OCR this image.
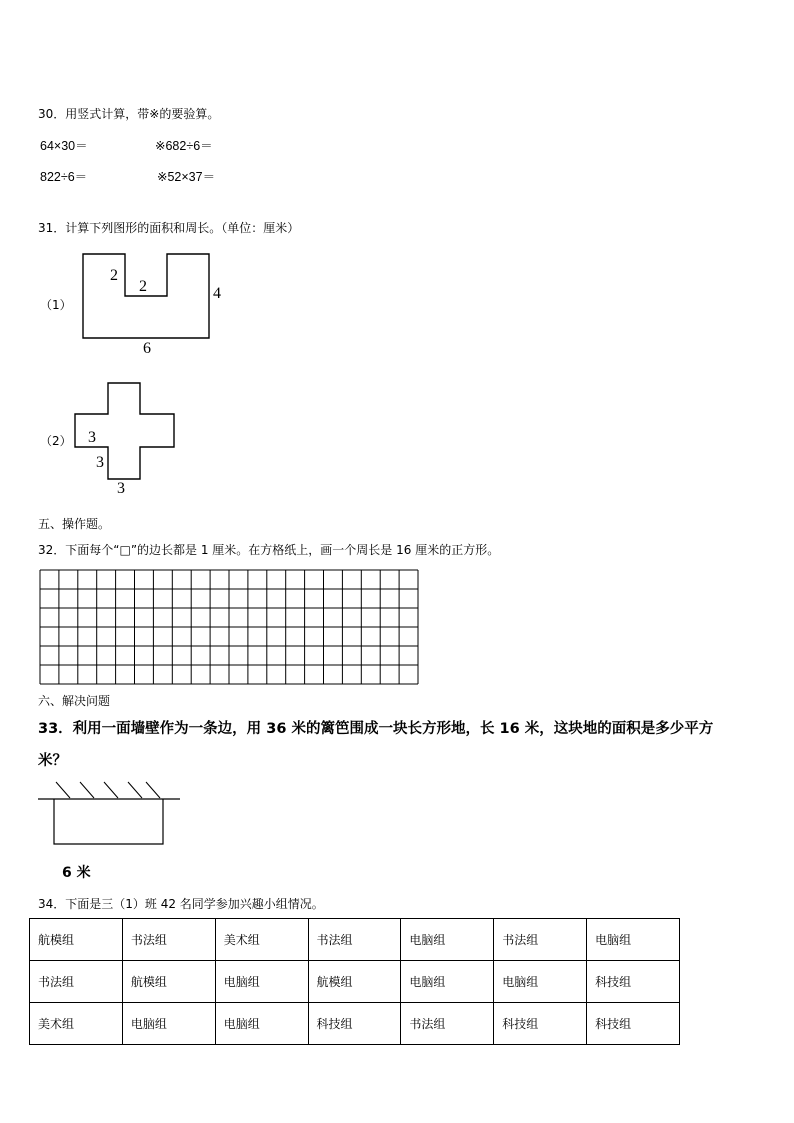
30．用竖式计算，带※的要验算。
64×30＝	※682÷6＝
822÷6＝	※52×37＝
31．计算下列图形的面积和周长。（单位：厘米）
（1）
2
2	4
6
（2） 3
3
3
五、操作题。
32．下面每个“□”的边长都是 1 厘米。在方格纸上，画一个周长是 16 厘米的正方形。
六、解决问题
33．利用一面墙壁作为一条边，用 36 米的篱笆围成一块长方形地，长 16 米，这块地的面积是多少平方
米？
6 米
34．下面是三（1）班 42 名同学参加兴趣小组情况。
航模组	书法组	美术组	书法组	电脑组	书法组	电脑组
书法组	航模组	电脑组	航模组	电脑组	电脑组	科技组
美术组	电脑组	电脑组	科技组	书法组	科技组	科技组
